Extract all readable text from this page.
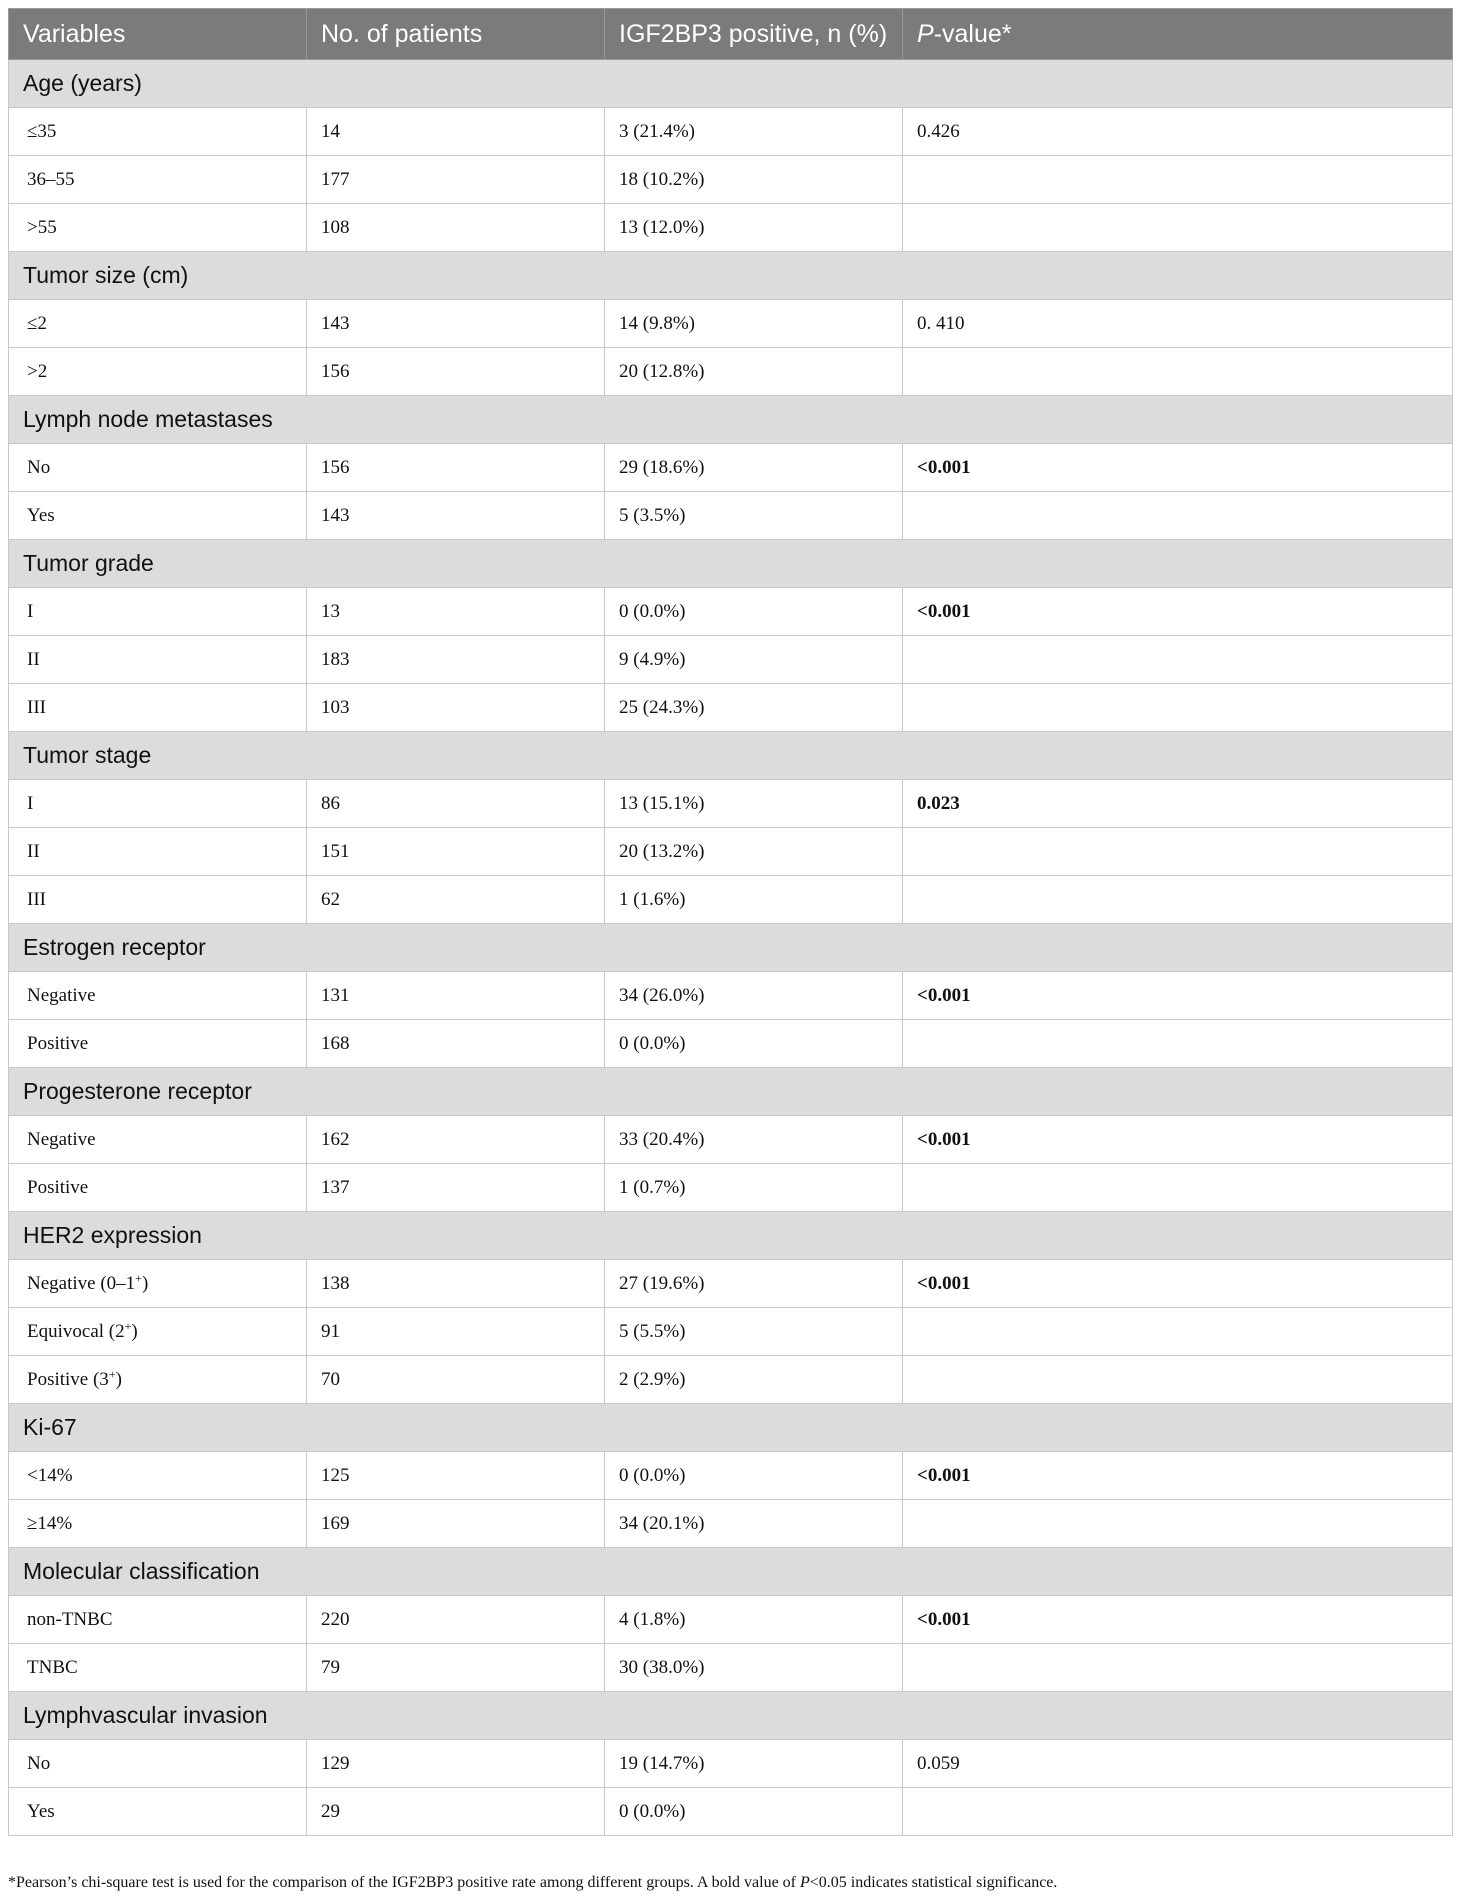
Variables	No. of patients	IGF2BP3 positive, n (%)	P-value*
Age (years)			
≤35	14	3 (21.4%)	0.426
36–55	177	18 (10.2%)	
>55	108	13 (12.0%)	
Tumor size (cm)			
≤2	143	14 (9.8%)	0. 410
>2	156	20 (12.8%)	
Lymph node metastases			
No	156	29 (18.6%)	<0.001
Yes	143	5 (3.5%)	
Tumor grade			
I	13	0 (0.0%)	<0.001
II	183	9 (4.9%)	
III	103	25 (24.3%)	
Tumor stage			
I	86	13 (15.1%)	0.023
II	151	20 (13.2%)	
III	62	1 (1.6%)	
Estrogen receptor			
Negative	131	34 (26.0%)	<0.001
Positive	168	0 (0.0%)	
Progesterone receptor			
Negative	162	33 (20.4%)	<0.001
Positive	137	1 (0.7%)	
HER2 expression			
Negative (0–1+)	138	27 (19.6%)	<0.001
Equivocal (2+)	91	5 (5.5%)	
Positive (3+)	70	2 (2.9%)	
Ki-67			
<14%	125	0 (0.0%)	<0.001
≥14%	169	34 (20.1%)	
Molecular classification			
non-TNBC	220	4 (1.8%)	<0.001
TNBC	79	30 (38.0%)	
Lymphvascular invasion			
No	129	19 (14.7%)	0.059
Yes	29	0 (0.0%)	
*Pearson’s chi-square test is used for the comparison of the IGF2BP3 positive rate among different groups. A bold value of P<0.05 indicates statistical significance.
